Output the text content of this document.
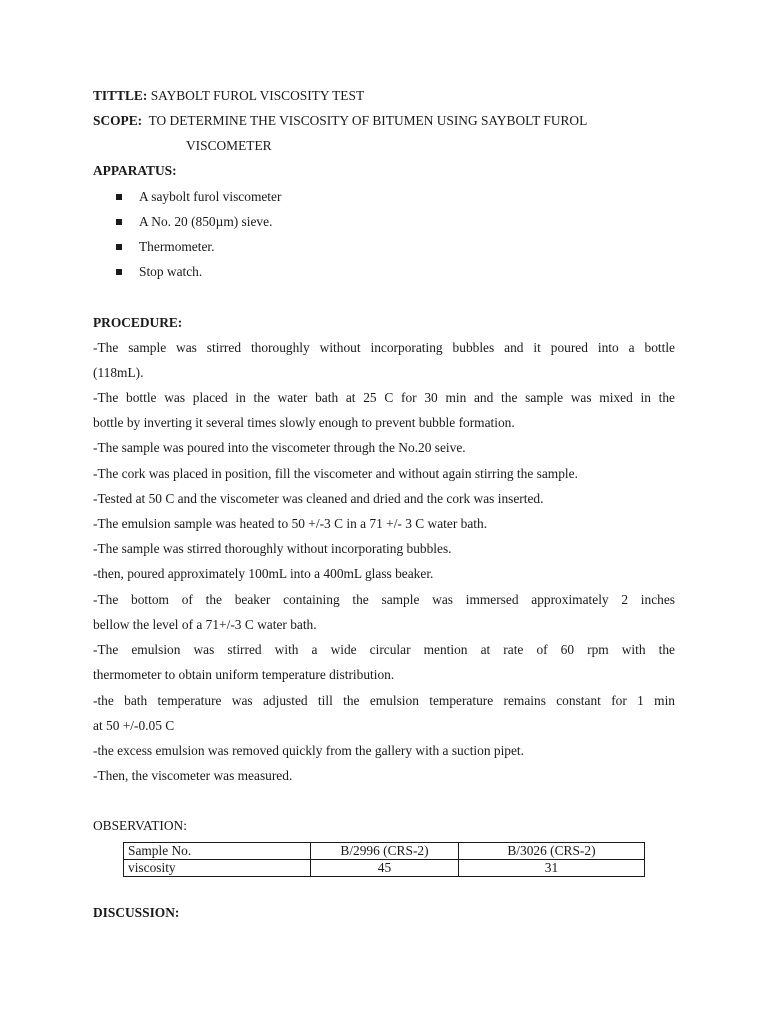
TITTLE: SAYBOLT FUROL VISCOSITY TEST
SCOPE: TO DETERMINE THE VISCOSITY OF BITUMEN USING SAYBOLT FUROL
VISCOMETER
APPARATUS:
A saybolt furol viscometer
A No. 20 (850µm) sieve.
Thermometer.
Stop watch.
PROCEDURE:
-The sample was stirred thoroughly without incorporating bubbles and it poured into a bottle
(118mL).
-The bottle was placed in the water bath at 25 C for 30 min and the sample was mixed in the
bottle by inverting it several times slowly enough to prevent bubble formation.
-The sample was poured into the viscometer through the No.20 seive.
-The cork was placed in position, fill the viscometer and without again stirring the sample.
-Tested at 50 C and the viscometer was cleaned and dried and the cork was inserted.
-The emulsion sample was heated to 50 +/-3 C in a 71 +/- 3 C water bath.
-The sample was stirred thoroughly without incorporating bubbles.
-then, poured approximately 100mL into a 400mL glass beaker.
-The bottom of the beaker containing the sample was immersed approximately 2 inches
bellow the level of a 71+/-3 C water bath.
-The emulsion was stirred with a wide circular mention at rate of 60 rpm with the
thermometer to obtain uniform temperature distribution.
-the bath temperature was adjusted till the emulsion temperature remains constant for 1 min
at 50 +/-0.05 C
-the excess emulsion was removed quickly from the gallery with a suction pipet.
-Then, the viscometer was measured.
OBSERVATION:
Sample No.	B/2996 (CRS-2)	B/3026 (CRS-2)
viscosity	45	31
DISCUSSION:
